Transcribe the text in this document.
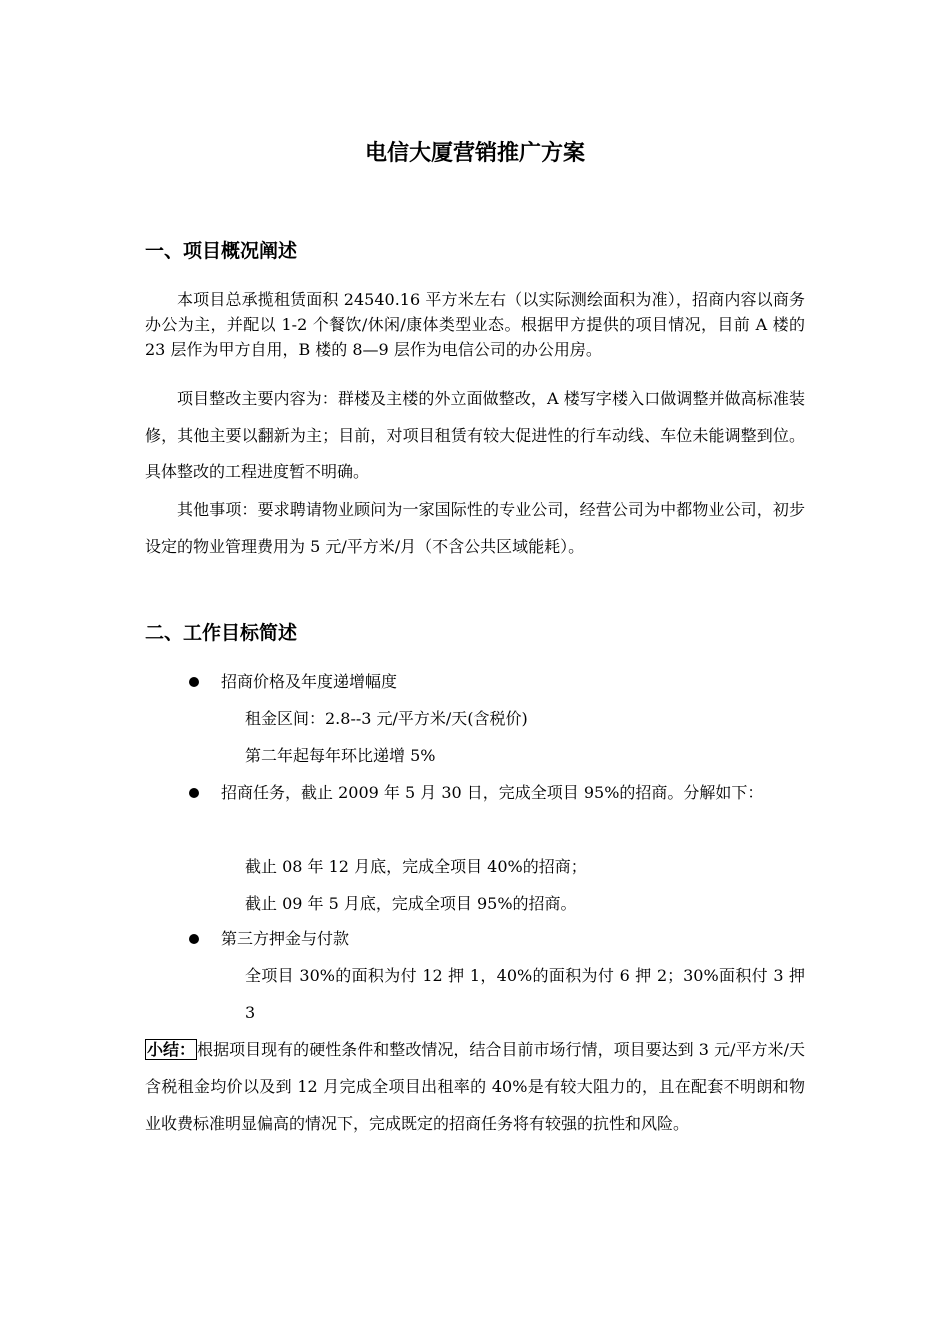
电信大厦营销推广方案
一、项目概况阐述

本项目总承揽租赁面积 24540.16 平方米左右（以实际测绘面积为准），招商内容以商务办公为主，并配以 1-2 个餐饮/休闲/康体类型业态。根据甲方提供的项目情况，目前 A 楼的 23 层作为甲方自用，B 楼的 8—9 层作为电信公司的办公用房。

项目整改主要内容为：群楼及主楼的外立面做整改，A 楼写字楼入口做调整并做高标准装修，其他主要以翻新为主；目前，对项目租赁有较大促进性的行车动线、车位未能调整到位。具体整改的工程进度暂不明确。

其他事项：要求聘请物业顾问为一家国际性的专业公司，经营公司为中都物业公司，初步设定的物业管理费用为 5 元/平方米/月（不含公共区域能耗）。

二、工作目标简述

招商价格及年度递增幅度

租金区间：2.8--3 元/平方米/天(含税价)

第二年起每年环比递增 5%

招商任务，截止 2009 年 5 月 30 日，完成全项目 95%的招商。分解如下：

截止 08 年 12 月底，完成全项目 40%的招商；

截止 09 年 5 月底，完成全项目 95%的招商。

第三方押金与付款

全项目 30%的面积为付 12 押 1，40%的面积为付 6 押 2；30%面积付 3 押 3

小结： 根据项目现有的硬性条件和整改情况，结合目前市场行情，项目要达到 3 元/平方米/天含税租金均价以及到 12 月完成全项目出租率的 40%是有较大阻力的，且在配套不明朗和物业收费标准明显偏高的情况下，完成既定的招商任务将有较强的抗性和风险。
